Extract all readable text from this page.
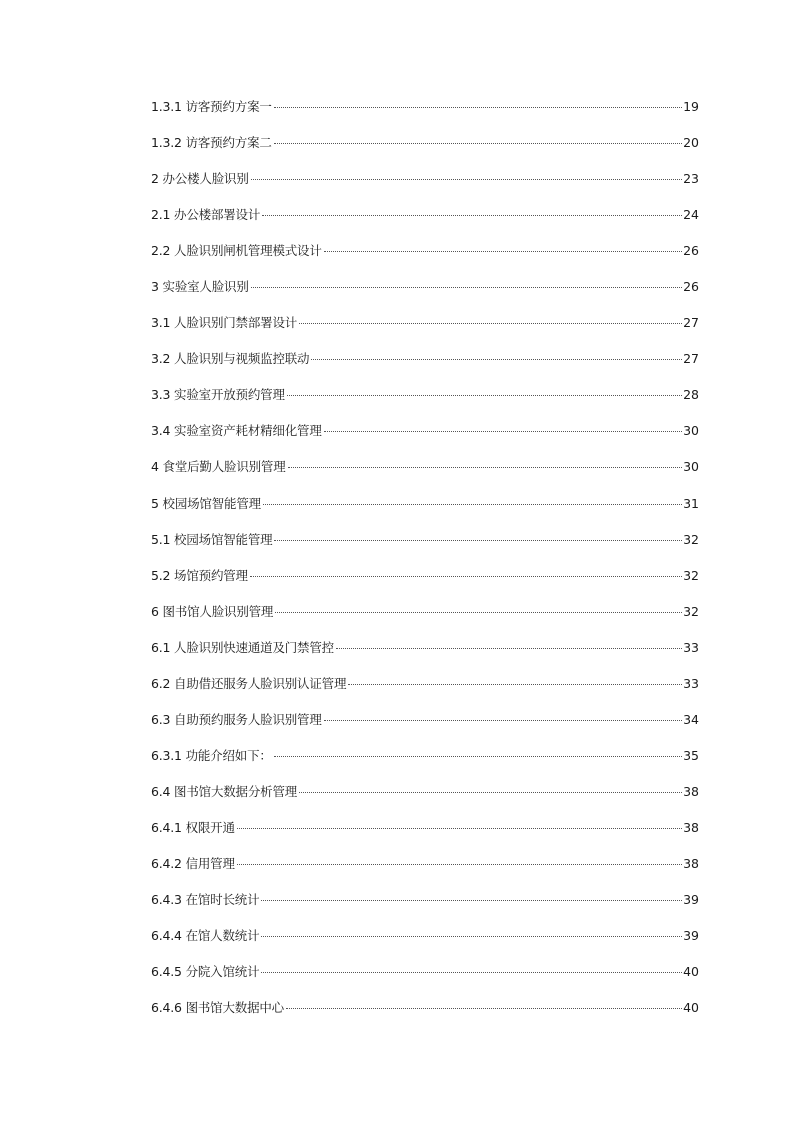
1.3.1 访客预约方案一	19
1.3.2 访客预约方案二	20
2 办公楼人脸识别	23
2.1 办公楼部署设计	24
2.2 人脸识别闸机管理模式设计	26
3 实验室人脸识别	26
3.1 人脸识别门禁部署设计	27
3.2 人脸识别与视频监控联动	27
3.3 实验室开放预约管理	28
3.4 实验室资产耗材精细化管理	30
4 食堂后勤人脸识别管理	30
5 校园场馆智能管理	31
5.1 校园场馆智能管理	32
5.2 场馆预约管理	32
6 图书馆人脸识别管理	32
6.1 人脸识别快速通道及门禁管控	33
6.2 自助借还服务人脸识别认证管理	33
6.3 自助预约服务人脸识别管理	34
6.3.1 功能介绍如下：	35
6.4 图书馆大数据分析管理	38
6.4.1 权限开通	38
6.4.2 信用管理	38
6.4.3 在馆时长统计	39
6.4.4 在馆人数统计	39
6.4.5 分院入馆统计	40
6.4.6 图书馆大数据中心	40
